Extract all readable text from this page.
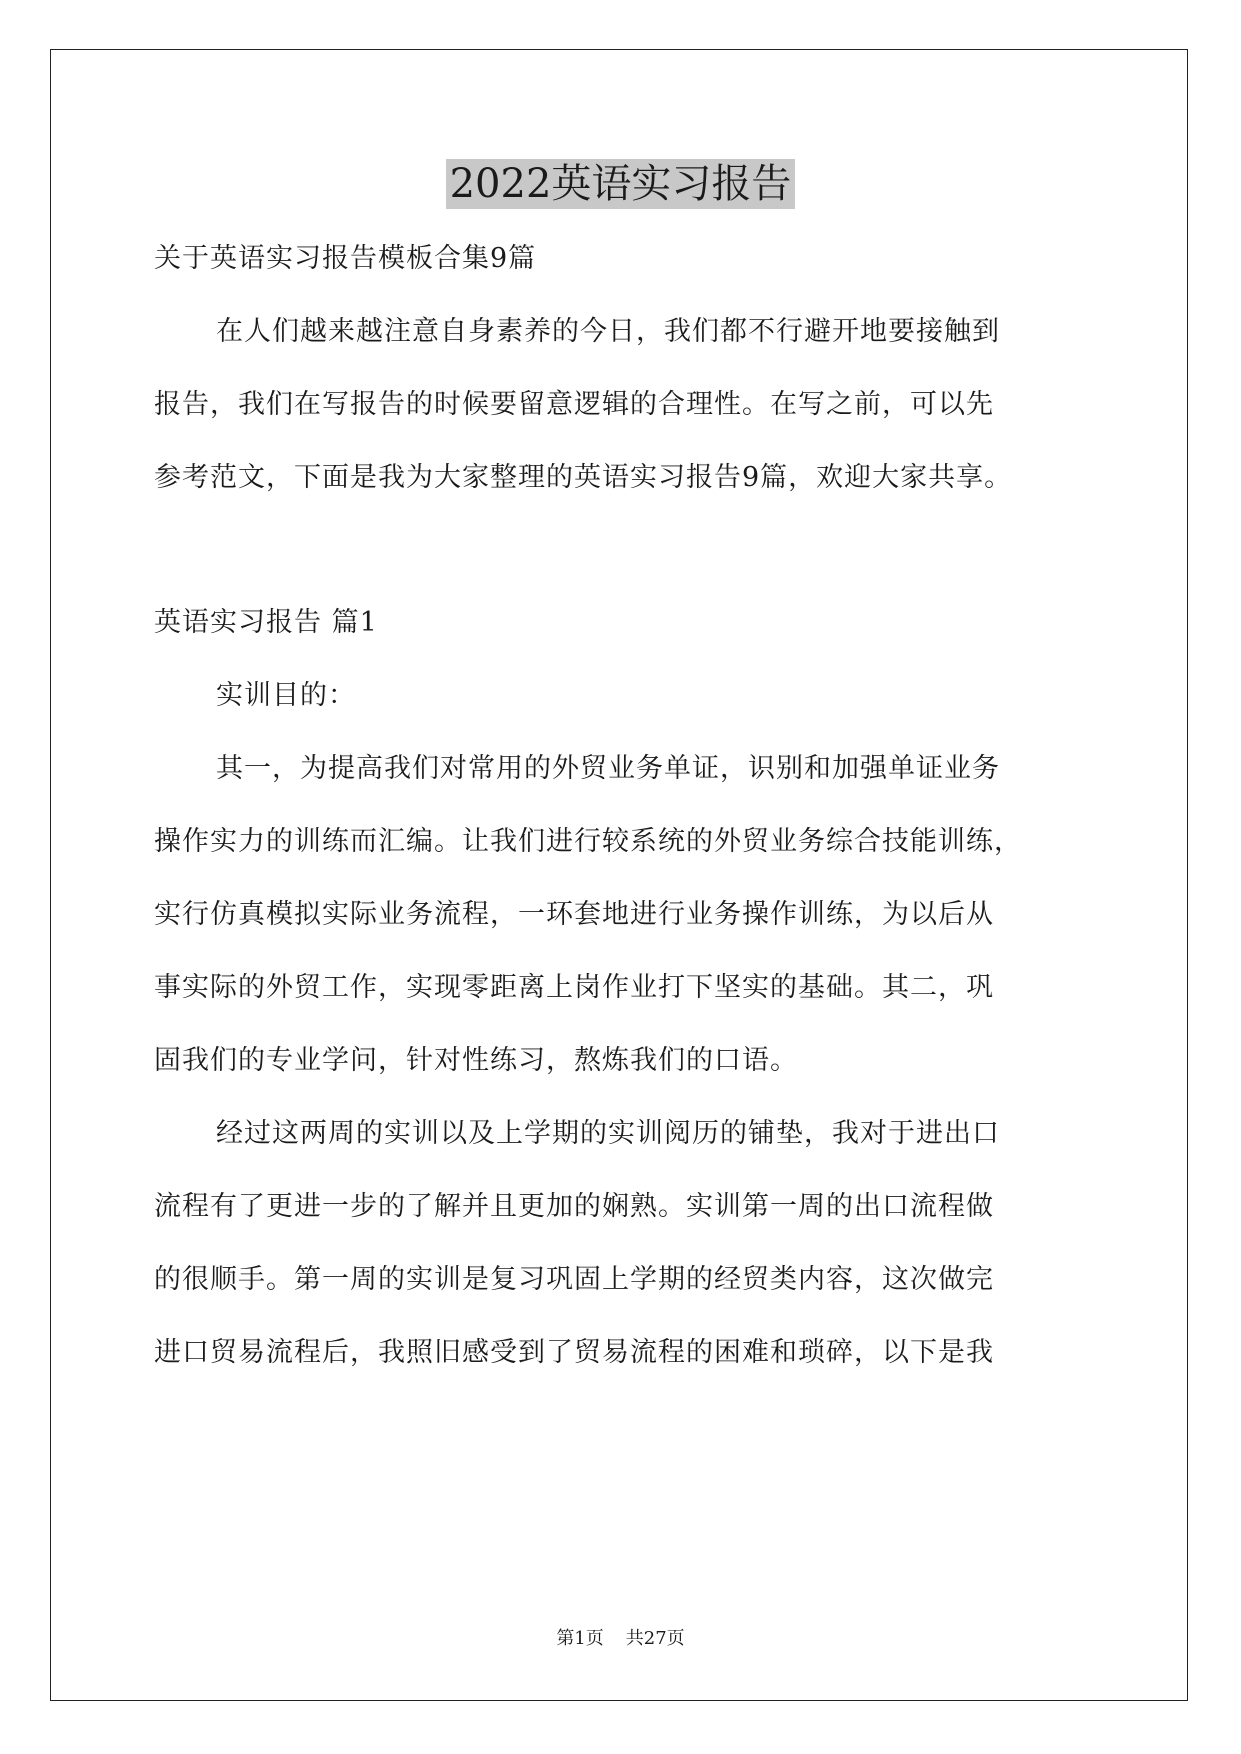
2022英语实习报告

关于英语实习报告模板合集9篇

在人们越来越注意自身素养的今日，我们都不行避开地要接触到

报告，我们在写报告的时候要留意逻辑的合理性。在写之前，可以先

参考范文，下面是我为大家整理的英语实习报告9篇，欢迎大家共享。

英语实习报告 篇1

实训目的：

其一，为提高我们对常用的外贸业务单证，识别和加强单证业务

操作实力的训练而汇编。让我们进行较系统的外贸业务综合技能训练，

实行仿真模拟实际业务流程，一环套地进行业务操作训练，为以后从

事实际的外贸工作，实现零距离上岗作业打下坚实的基础。其二，巩

固我们的专业学问，针对性练习，熬炼我们的口语。

经过这两周的实训以及上学期的实训阅历的铺垫，我对于进出口

流程有了更进一步的了解并且更加的娴熟。实训第一周的出口流程做

的很顺手。第一周的实训是复习巩固上学期的经贸类内容，这次做完

进口贸易流程后，我照旧感受到了贸易流程的困难和琐碎，以下是我

第1页 共27页
